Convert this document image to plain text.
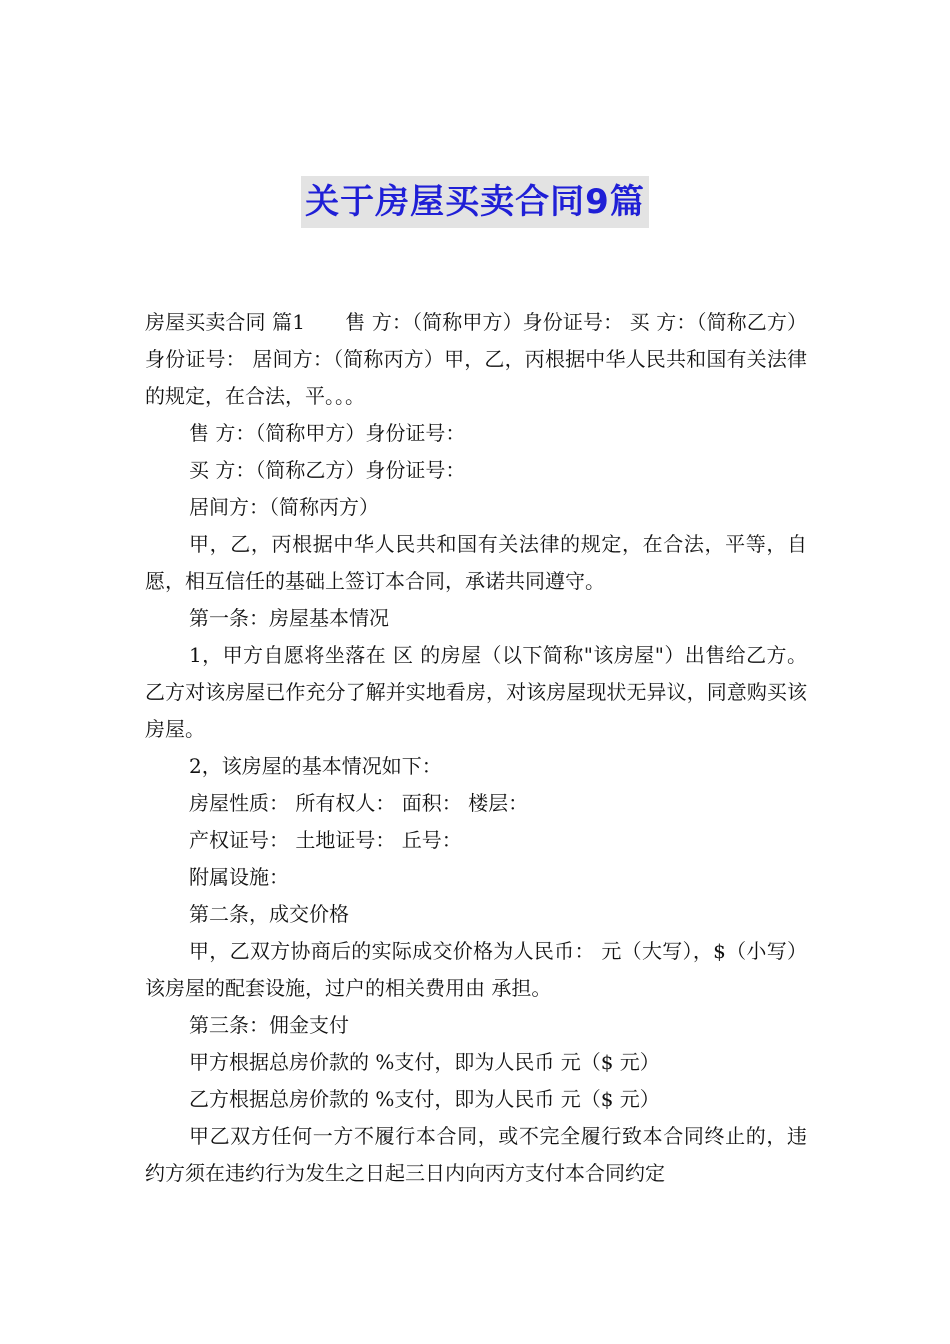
关于房屋买卖合同9篇

房屋买卖合同 篇1　　售 方：（简称甲方）身份证号： 买 方：（简称乙方）身份证号： 居间方：（简称丙方）甲，乙，丙根据中华人民共和国有关法律的规定，在合法，平。。。

售 方：（简称甲方）身份证号：

买 方：（简称乙方）身份证号：

居间方：（简称丙方）

甲，乙，丙根据中华人民共和国有关法律的规定，在合法，平等，自愿，相互信任的基础上签订本合同，承诺共同遵守。

第一条：房屋基本情况

1，甲方自愿将坐落在 区 的房屋（以下简称"该房屋"）出售给乙方。乙方对该房屋已作充分了解并实地看房，对该房屋现状无异议，同意购买该房屋。

2，该房屋的基本情况如下：

房屋性质： 所有权人： 面积： 楼层：

产权证号： 土地证号： 丘号：

附属设施：

第二条，成交价格

甲，乙双方协商后的实际成交价格为人民币： 元（大写），$（小写）该房屋的配套设施，过户的相关费用由 承担。

第三条：佣金支付

甲方根据总房价款的 %支付，即为人民币 元（$ 元）

乙方根据总房价款的 %支付，即为人民币 元（$ 元）

甲乙双方任何一方不履行本合同，或不完全履行致本合同终止的，违约方须在违约行为发生之日起三日内向丙方支付本合同约定
